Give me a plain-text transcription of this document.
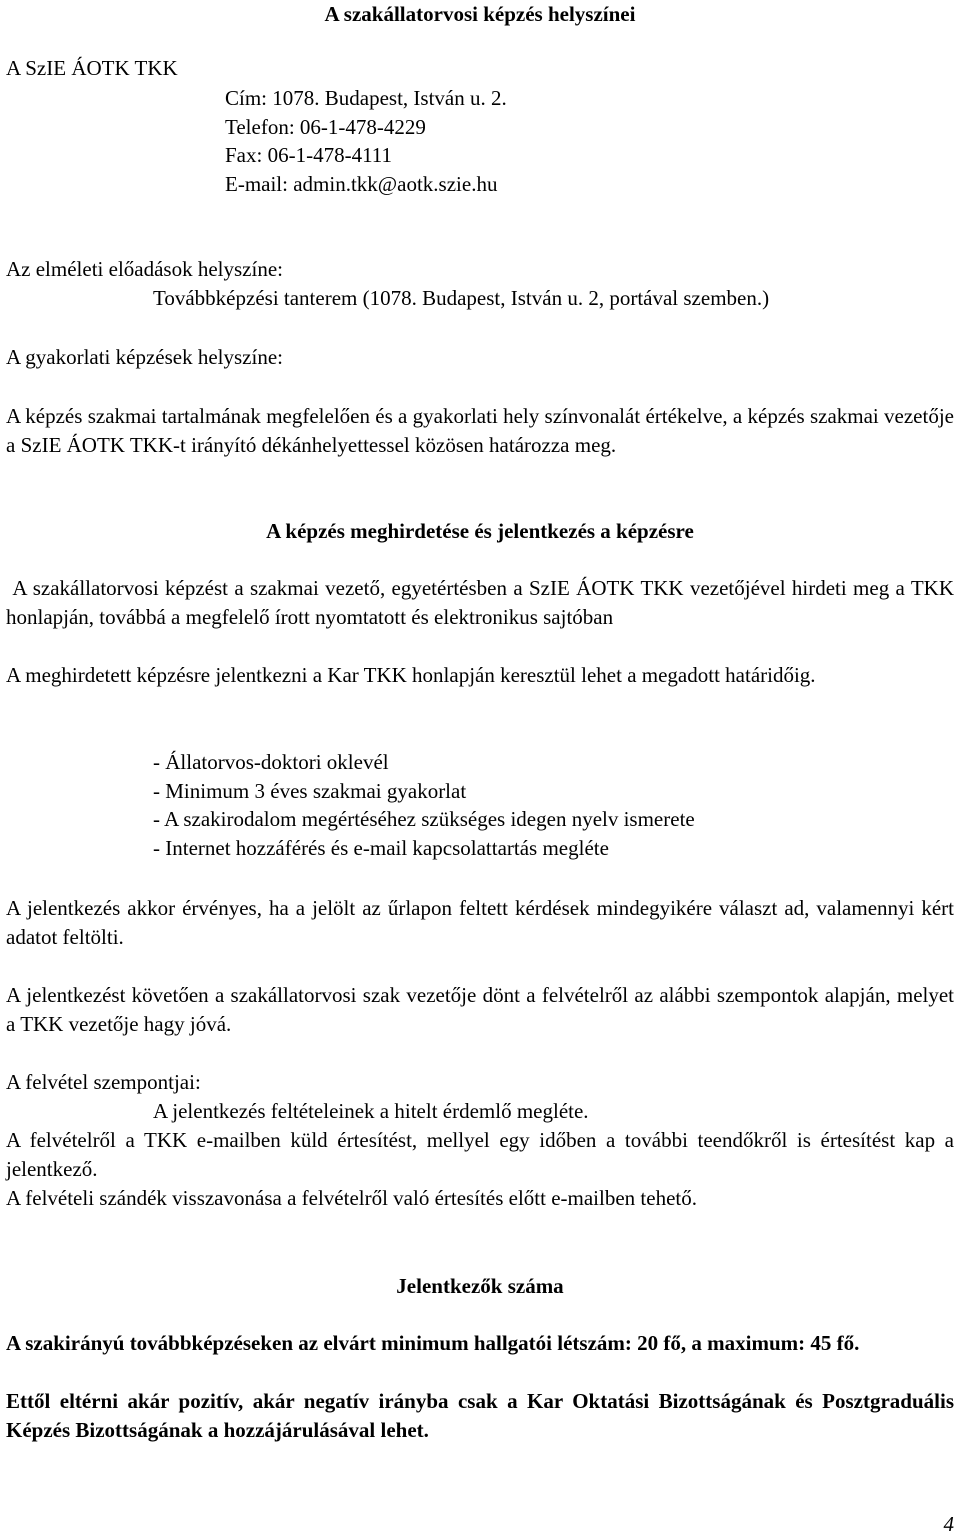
A szakállatorvosi képzés helyszínei

A SzIE ÁOTK TKK

Cím: 1078. Budapest, István u. 2.
Telefon: 06-1-478-4229
Fax: 06-1-478-4111
E-mail: admin.tkk@aotk.szie.hu

Az elméleti előadások helyszíne:

Továbbképzési tanterem (1078. Budapest, István u. 2, portával szemben.)

A gyakorlati képzések helyszíne:

A képzés szakmai tartalmának megfelelően és a gyakorlati hely színvonalát értékelve, a képzés szakmai vezetője a SzIE ÁOTK TKK-t irányító dékánhelyettessel közösen határozza meg.

A képzés meghirdetése és jelentkezés a képzésre

A szakállatorvosi képzést a szakmai vezető, egyetértésben a SzIE ÁOTK TKK vezetőjével hirdeti meg a TKK honlapján, továbbá a megfelelő írott nyomtatott és elektronikus sajtóban

A meghirdetett képzésre jelentkezni a Kar TKK honlapján keresztül lehet a megadott határidőig.

- Állatorvos-doktori oklevél
- Minimum 3 éves szakmai gyakorlat
- A szakirodalom megértéséhez szükséges idegen nyelv ismerete
- Internet hozzáférés és e-mail kapcsolattartás megléte

A jelentkezés akkor érvényes, ha a jelölt az űrlapon feltett kérdések mindegyikére választ ad, valamennyi kért adatot feltölti.

A jelentkezést követően a szakállatorvosi szak vezetője dönt a felvételről az alábbi szempontok alapján, melyet a TKK vezetője hagy jóvá.

A felvétel szempontjai:

A jelentkezés feltételeinek a hitelt érdemlő megléte.

A felvételről a TKK e-mailben küld értesítést, mellyel egy időben a további teendőkről is értesítést kap a jelentkező.

A felvételi szándék visszavonása a felvételről való értesítés előtt e-mailben tehető.

Jelentkezők száma

A szakirányú továbbképzéseken az elvárt minimum hallgatói létszám: 20 fő, a maximum: 45 fő.

Ettől eltérni akár pozitív, akár negatív irányba csak a Kar Oktatási Bizottságának és Posztgraduális Képzés Bizottságának a hozzájárulásával lehet.

4
